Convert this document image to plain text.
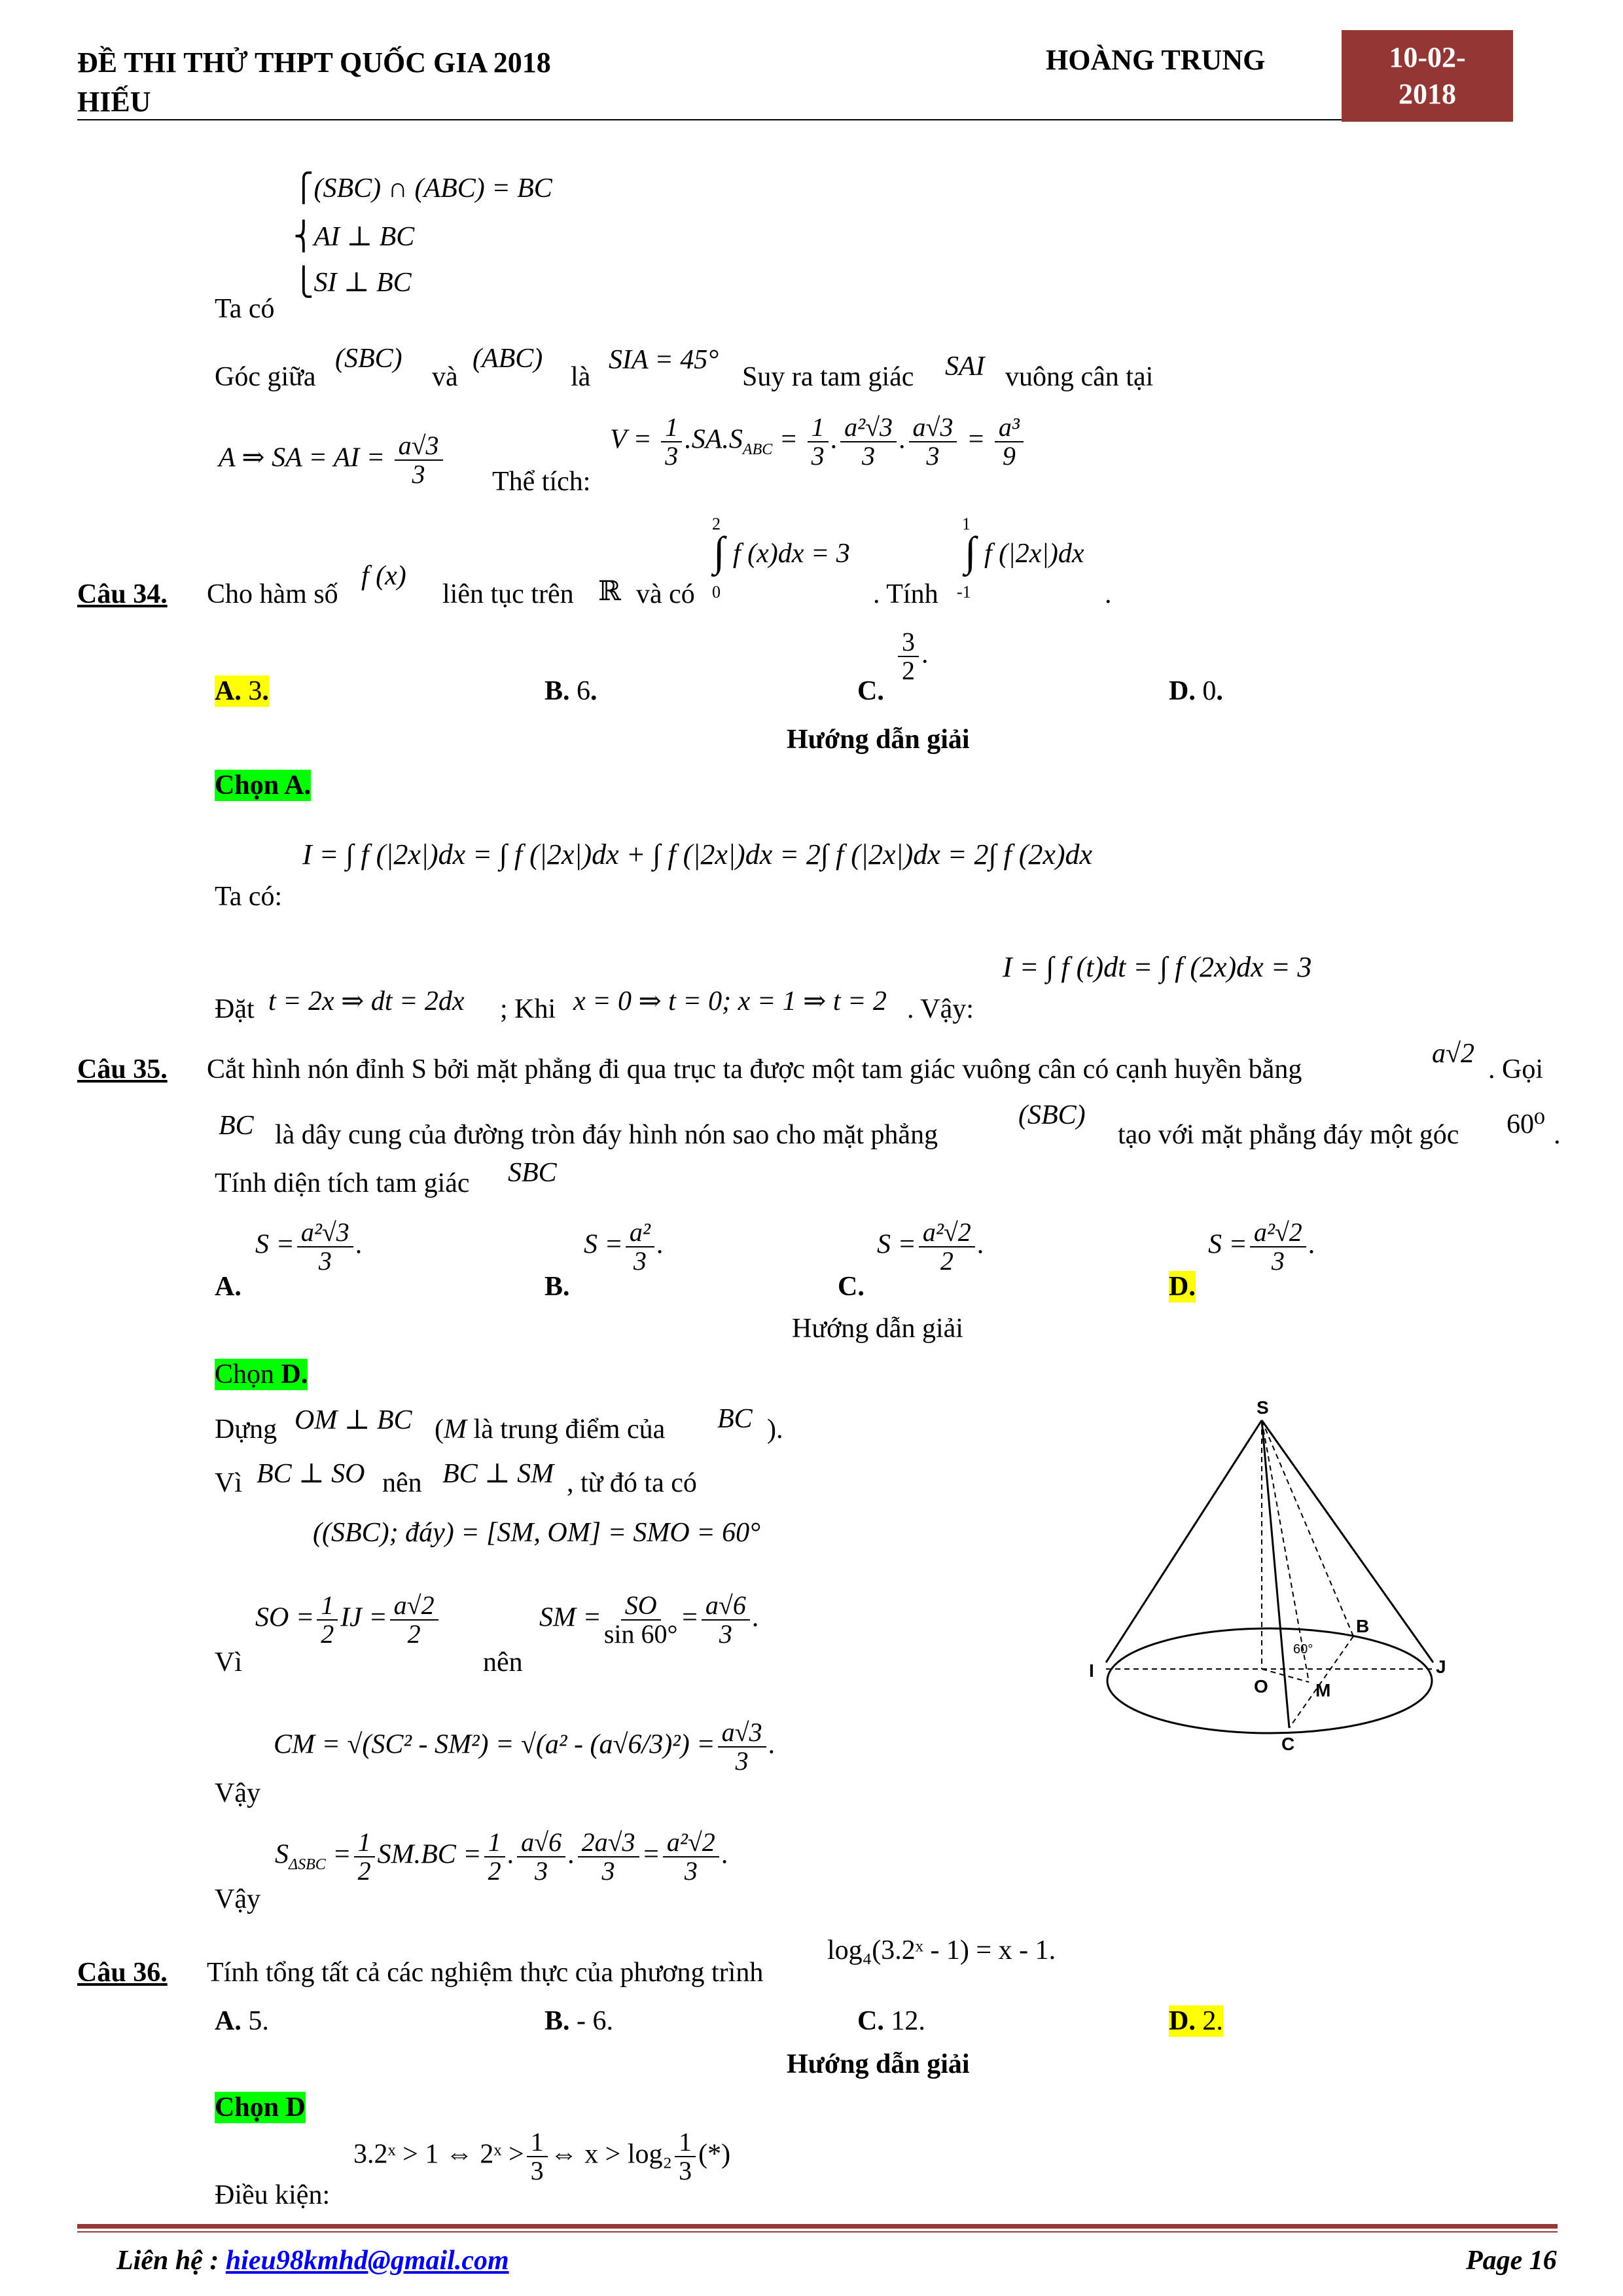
ĐỀ THI THỬ THPT QUỐC GIA 2018
HIẾU
HOÀNG TRUNG	10-02-
2018
⎧(SBC) ∩ (ABC) = BC
⎨AI ⊥ BC
⎩SI ⊥ BC
Ta có
Góc giữa
(SBC)
và
(ABC)
là
SIA = 45°
Suy ra tam giác SAI vuông cân tại
A ⇒ SA = AI = $\frac{a√3}{3}$ Thể tích:
$V = \frac{1}{3} .SA.S_{ABC} = \frac{1}{3}$ . $\frac{\text{a²√3}}{3}$ . $\frac{a√3}{3} = \frac{\text{a³}}{9}$
Câu 34. Cho hàm số
f (x)
liên tục trên ℝ và có
2
∫
0
f (x)dx = 3
. Tính
1
∫
-1
f (|2x|)dx
.
A. 3.	B. 6.	C.
$\frac{3}{2}$ .
D. 0.
Hướng dẫn giải
Chọn A.
Ta có:
I = ∫ f (|2x|)dx = ∫ f (|2x|)dx + ∫ f (|2x|)dx = 2∫ f (|2x|)dx = 2∫ f (2x)dx
Đặt t = 2x ⇒ dt = 2dx ; Khi x = 0 ⇒ t = 0; x = 1 ⇒ t = 2 . Vậy:
I = ∫ f (t)dt = ∫ f (2x)dx = 3
Câu 35. Cắt hình nón đỉnh S bởi mặt phẳng đi qua trục ta được một tam giác vuông cân có cạnh huyền bằng
a√2
. Gọi
BC là dây cung của đường tròn đáy hình nón sao cho mặt phẳng
(SBC)
tạo với mặt phẳng đáy một góc 60⁰ .
Tính diện tích tam giác SBC
A.
$S = \frac{\text{a²√3}}{3}$ .
B.
$S = \frac{\text{a²}}{3}$ .
C.
$S = \frac{\text{a²√2}}{2}$ .
D.
$S = \frac{\text{a²√2}}{3}$ .
Hướng dẫn giải
Chọn D.
Dựng OM ⊥ BC (M là trung điểm của BC ).
Vì BC ⊥ SO nên BC ⊥ SM , từ đó ta có
((SBC); đáy) = [SM, OM] = SMO = 60°
Vì
SO = $\frac{1}{2}$ IJ = $\frac{a√2}{2}$
nên
SM = $\frac{SO}{\sin 60^\circ} = \frac{a√6}{3}$ .
Vậy
CM = $√(SC^2 - SM^2) = √(a^2 - (a√6/3)^2) = \frac{a√3}{3}$ .
Vậy
$S_{\Delta SBC} = \frac{1}{2} SM.BC = \frac{1}{2}$ . $\frac{a√6}{3}$ . $\frac{2a√3}{3} = \frac{\text{a²√2}}{3}$ .
S
I	J
O
B
M
C
60°
Câu 36. Tính tổng tất cả các nghiệm thực của phương trình
log₄(3.2ˣ - 1) = x - 1.
A. 5.	B. - 6.	C. 12.	D. 2.
Hướng dẫn giải
Chọn D
Điều kiện:
3.2ˣ > 1 ⇔ 2ˣ > $\frac{1}{3}$ ⇔ $x > \log_2 \frac{1}{3}$ (*)
Liên hệ : hieu98kmhd@gmail.com	Page 16
